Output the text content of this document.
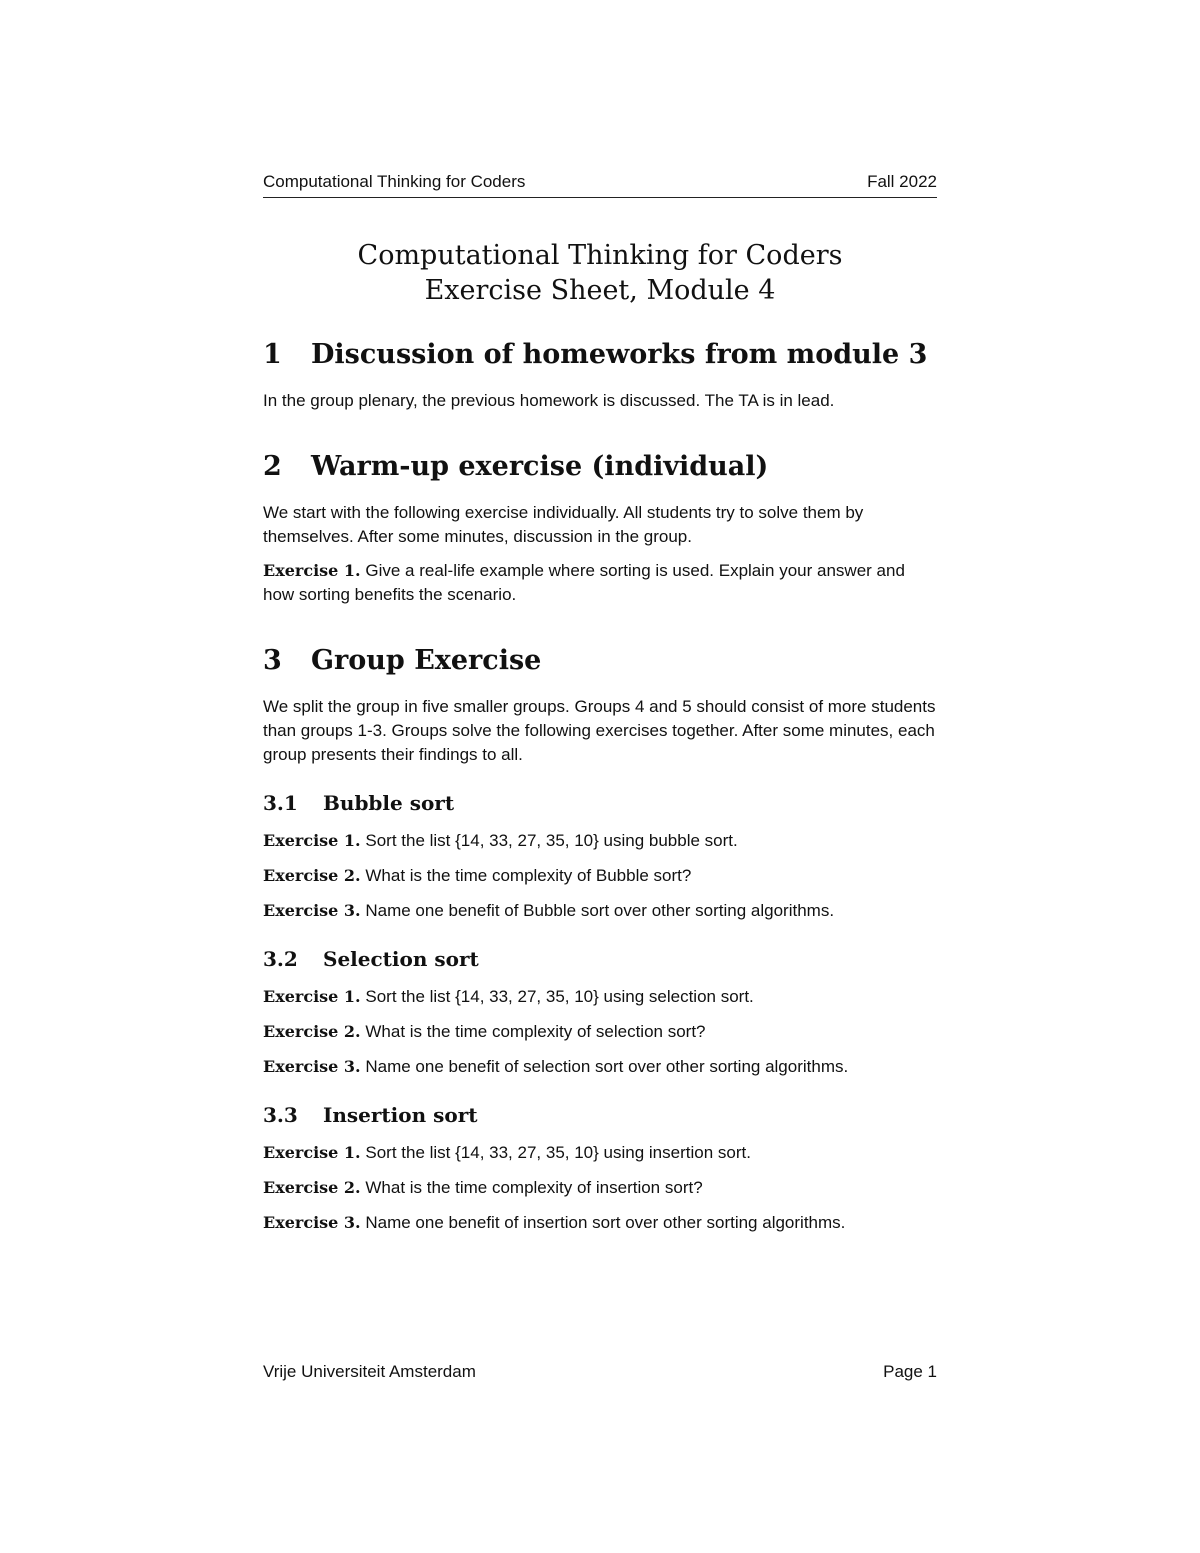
Computational Thinking for Coders	Fall 2022
Computational Thinking for Coders
Exercise Sheet, Module 4
1 Discussion of homeworks from module 3

In the group plenary, the previous homework is discussed. The TA is in lead.

2 Warm-up exercise (individual)

We start with the following exercise individually. All students try to solve them by themselves. After some minutes, discussion in the group.

Exercise 1. Give a real-life example where sorting is used. Explain your answer and how sorting benefits the scenario.

3 Group Exercise

We split the group in five smaller groups. Groups 4 and 5 should consist of more students than groups 1-3. Groups solve the following exercises together. After some minutes, each group presents their findings to all.

3.1 Bubble sort

Exercise 1. Sort the list {14, 33, 27, 35, 10} using bubble sort.

Exercise 2. What is the time complexity of Bubble sort?

Exercise 3. Name one benefit of Bubble sort over other sorting algorithms.

3.2 Selection sort

Exercise 1. Sort the list {14, 33, 27, 35, 10} using selection sort.

Exercise 2. What is the time complexity of selection sort?

Exercise 3. Name one benefit of selection sort over other sorting algorithms.

3.3 Insertion sort

Exercise 1. Sort the list {14, 33, 27, 35, 10} using insertion sort.

Exercise 2. What is the time complexity of insertion sort?

Exercise 3. Name one benefit of insertion sort over other sorting algorithms.

Vrije Universiteit Amsterdam	Page 1
